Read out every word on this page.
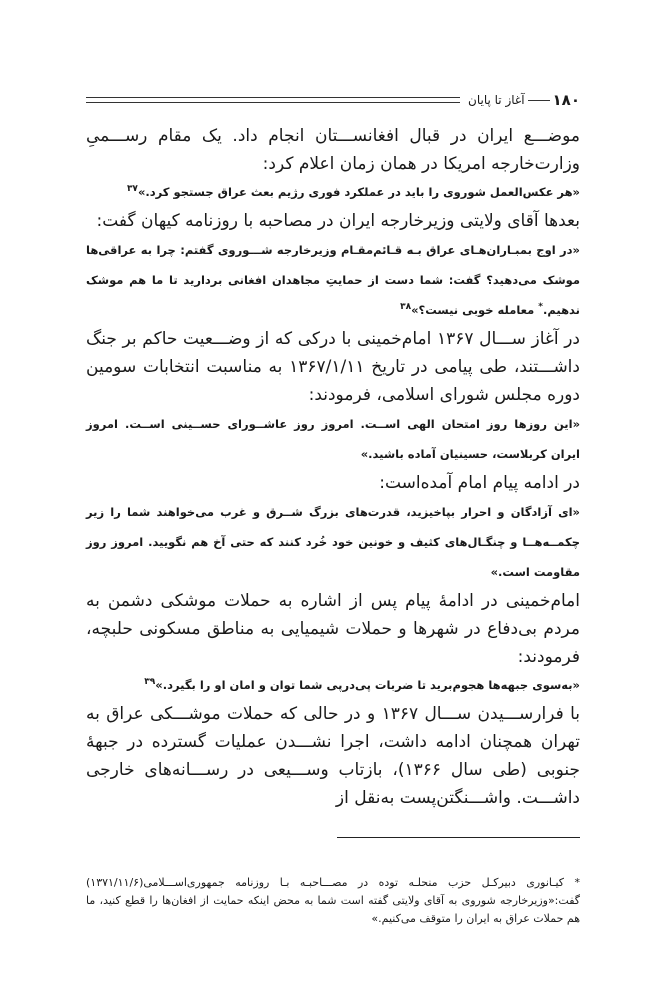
۱۸۰
آغاز تا پایان

موضـــع ایران در قبال افغانســـتان انجام داد. یک مقام رســـمیِ وزارت‌خارجه امریکا در همان زمان اعلام کرد:

«هر عکس‌العمل شوروی را باید در عملکرد فوری رژیم بعث عراق جستجو کرد.»$^{۳۷}$

بعدها آقای ولایتی وزیرخارجه ایران در مصاحبه با روزنامه کیهان گفت:

«در اوج بمبـاران‌هـای عراق بـه قـائم‌مقـام وزیرخارجه شـــوروی گفتم: چرا به عراقی‌ها موشک می‌دهید؟ گفت: شما دست از حمایتِ مجاهدان افغانی بردارید تا ما هم موشک ندهیم.* معامله خوبی نیست؟»$^{۳۸}$

در آغاز ســـال ۱۳۶۷ امام‌خمینی با درکی که از وضـــعیت حاکم بر جنگ داشـــتند، طی پیامی در تاریخ ۱۳۶۷/۱/۱۱ به مناسبت انتخابات سومین دوره مجلس شورای اسلامی، فرمودند:

«این روزها روز امتحان الهی اســت. امروز روز عاشــورای حســینی اســت. امروز ایران کربلاست، حسینیان آماده باشید.»

در ادامه پیام امام آمده‌است:

«ای آزادگان و احرار بپاخیزید، قدرت‌های بزرگ شــرق و غرب می‌خواهند شما را زیر چکمــه‌هــا و چنگـال‌های کثیف و خونین خود خُرد کنند که حتی آخ هم نگویید. امروز روز مقاومت است.»

امام‌خمینی در ادامهٔ پیام پس از اشاره به حملات موشکی دشمن به مردم بی‌دفاع در شهرها و حملات شیمیایی به مناطق مسکونی حلبچه، فرمودند:

«به‌سوی جبهه‌ها هجوم‌برید تا ضربات پی‌درپی شما توان و امان او را بگیرد.»$^{۳۹}$

با فرارســـیدن ســـال ۱۳۶۷ و در حالی که حملات موشـــکی عراق به تهران همچنان ادامه داشت، اجرا نشـــدن عملیات گسترده در جبههٔ جنوبی (طی سال ۱۳۶۶)، بازتاب وســـیعی در رســـانه‌های خارجی داشـــت. واشـــنگتن‌پست به‌نقل از

* کیـانوری دبیرکـل حزب منحلـه توده در مصـــاحبـه بـا روزنامه جمهوری‌اســـلامی(۱۳۷۱/۱۱/۶) گفت:«وزیرخارجه شوروی به آقای ولایتی گفته است شما به محض اینکه حمایت از افغان‌ها را قطع کنید، ما هم حملات عراق به ایران را متوقف می‌کنیم.»
